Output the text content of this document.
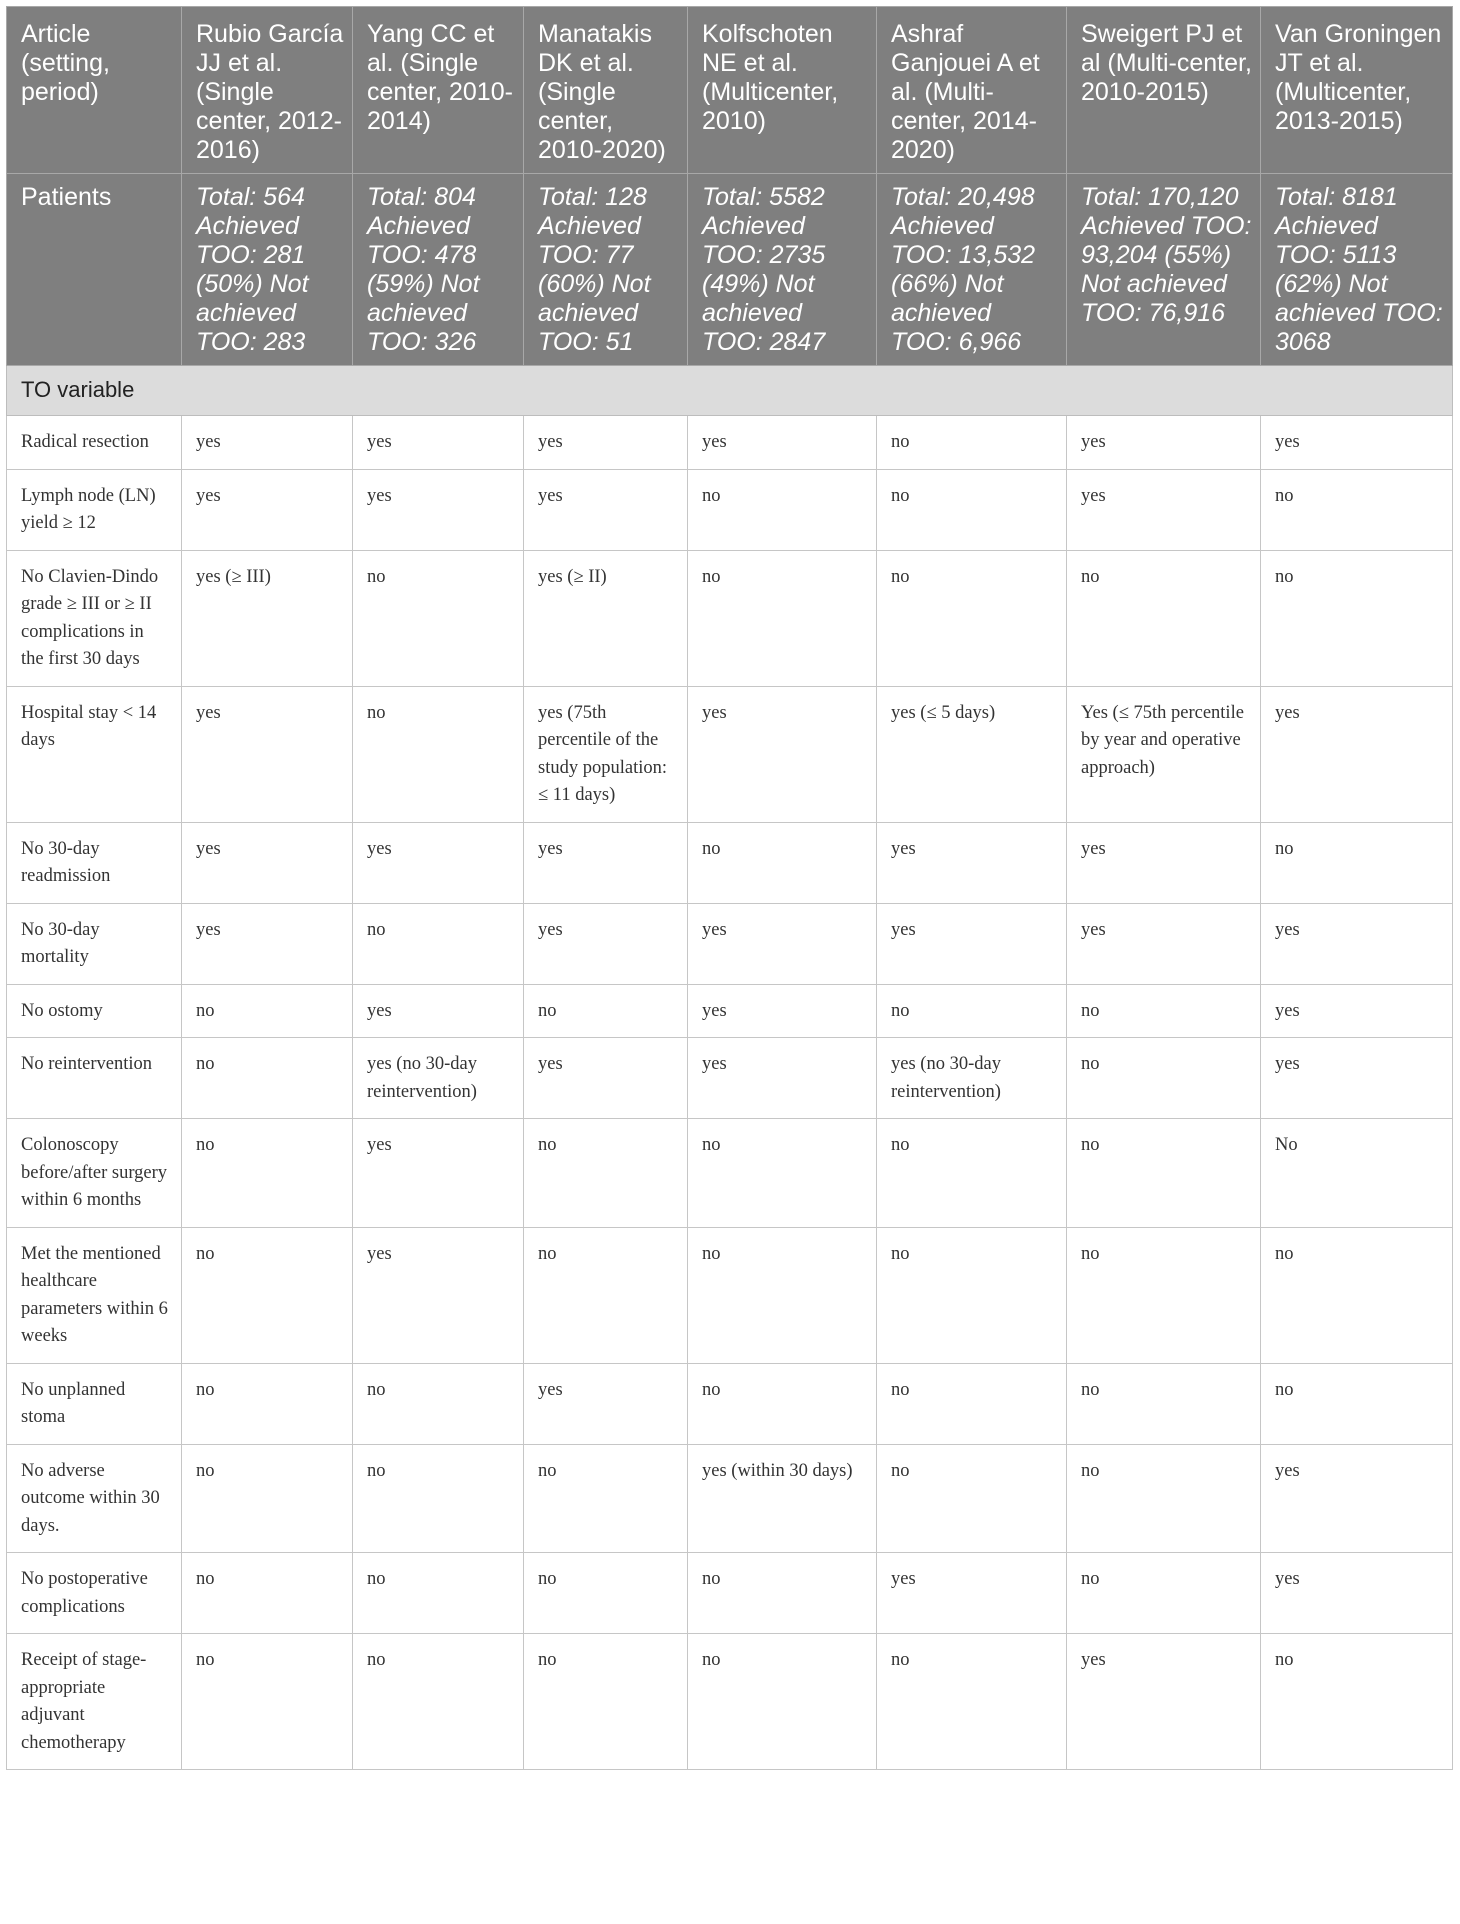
Article (setting, period)	Rubio García JJ et al. (Single center, 2012-2016)	Yang CC et al. (Single center, 2010-2014)	Manatakis DK et al. (Single center, 2010-2020)	Kolfschoten NE et al. (Multicenter, 2010)	Ashraf Ganjouei A et al. (Multi-center, 2014-2020)	Sweigert PJ et al (Multi-center, 2010-2015)	Van Groningen JT et al. (Multicenter, 2013-2015)
Patients	Total: 564 Achieved TOO: 281 (50%) Not achieved TOO: 283	Total: 804 Achieved TOO: 478 (59%) Not achieved TOO: 326	Total: 128 Achieved TOO: 77 (60%) Not achieved TOO: 51	Total: 5582 Achieved TOO: 2735 (49%) Not achieved TOO: 2847	Total: 20,498 Achieved TOO: 13,532 (66%) Not achieved TOO: 6,966	Total: 170,120 Achieved TOO: 93,204 (55%) Not achieved TOO: 76,916	Total: 8181 Achieved TOO: 5113 (62%) Not achieved TOO: 3068
TO variable							
Radical resection	yes	yes	yes	yes	no	yes	yes
Lymph node (LN) yield ≥ 12	yes	yes	yes	no	no	yes	no
No Clavien-Dindo grade ≥ III or ≥ II complications in the first 30 days	yes (≥ III)	no	yes (≥ II)	no	no	no	no
Hospital stay < 14 days	yes	no	yes (75th percentile of the study population: ≤ 11 days)	yes	yes (≤ 5 days)	Yes (≤ 75th percentile by year and operative approach)	yes
No 30-day readmission	yes	yes	yes	no	yes	yes	no
No 30-day mortality	yes	no	yes	yes	yes	yes	yes
No ostomy	no	yes	no	yes	no	no	yes
No reintervention	no	yes (no 30-day reintervention)	yes	yes	yes (no 30-day reintervention)	no	yes
Colonoscopy before/after surgery within 6 months	no	yes	no	no	no	no	No
Met the mentioned healthcare parameters within 6 weeks	no	yes	no	no	no	no	no
No unplanned stoma	no	no	yes	no	no	no	no
No adverse outcome within 30 days.	no	no	no	yes (within 30 days)	no	no	yes
No postoperative complications	no	no	no	no	yes	no	yes
Receipt of stage-appropriate adjuvant chemotherapy	no	no	no	no	no	yes	no
